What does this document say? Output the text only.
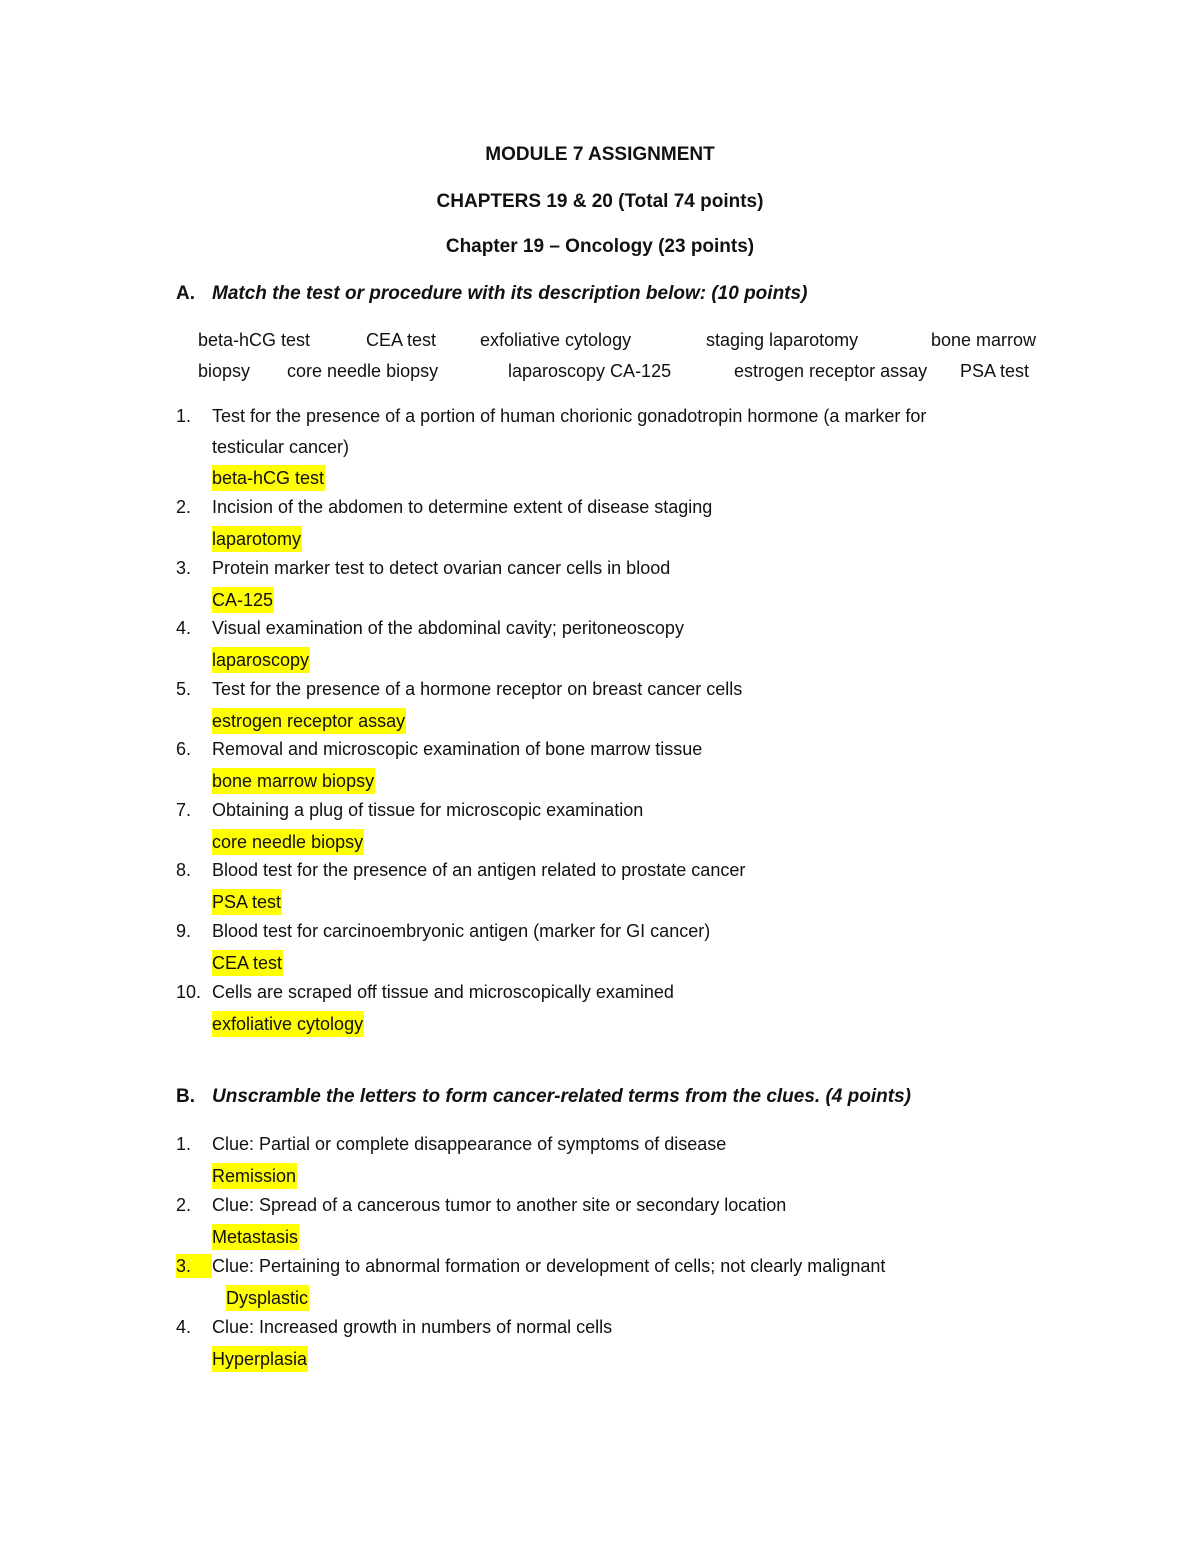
MODULE 7 ASSIGNMENT
CHAPTERS 19 & 20 (Total 74 points)
Chapter 19 – Oncology (23 points)
A. Match the test or procedure with its description below: (10 points)
beta-hCG test	CEA test exfoliative cytology	staging laparotomy	bone marrow
biopsy core needle biopsy	laparoscopy CA-125	estrogen receptor assay PSA test
1.	Test for the presence of a portion of human chorionic gonadotropin hormone (a marker for
testicular cancer)
beta-hCG test
2.	Incision of the abdomen to determine extent of disease staging
laparotomy
3.	Protein marker test to detect ovarian cancer cells in blood
CA-125
4.	Visual examination of the abdominal cavity; peritoneoscopy
laparoscopy
5.	Test for the presence of a hormone receptor on breast cancer cells
estrogen receptor assay
6.	Removal and microscopic examination of bone marrow tissue
bone marrow biopsy
7.	Obtaining a plug of tissue for microscopic examination
core needle biopsy
8.	Blood test for the presence of an antigen related to prostate cancer
PSA test
9.	Blood test for carcinoembryonic antigen (marker for GI cancer)
CEA test
10. Cells are scraped off tissue and microscopically examined
exfoliative cytology
B. Unscramble the letters to form cancer-related terms from the clues. (4 points)
1.	Clue: Partial or complete disappearance of symptoms of disease
Remission
2.	Clue: Spread of a cancerous tumor to another site or secondary location
Metastasis
3.	Clue: Pertaining to abnormal formation or development of cells; not clearly malignant
Dysplastic
4.	Clue: Increased growth in numbers of normal cells
Hyperplasia
